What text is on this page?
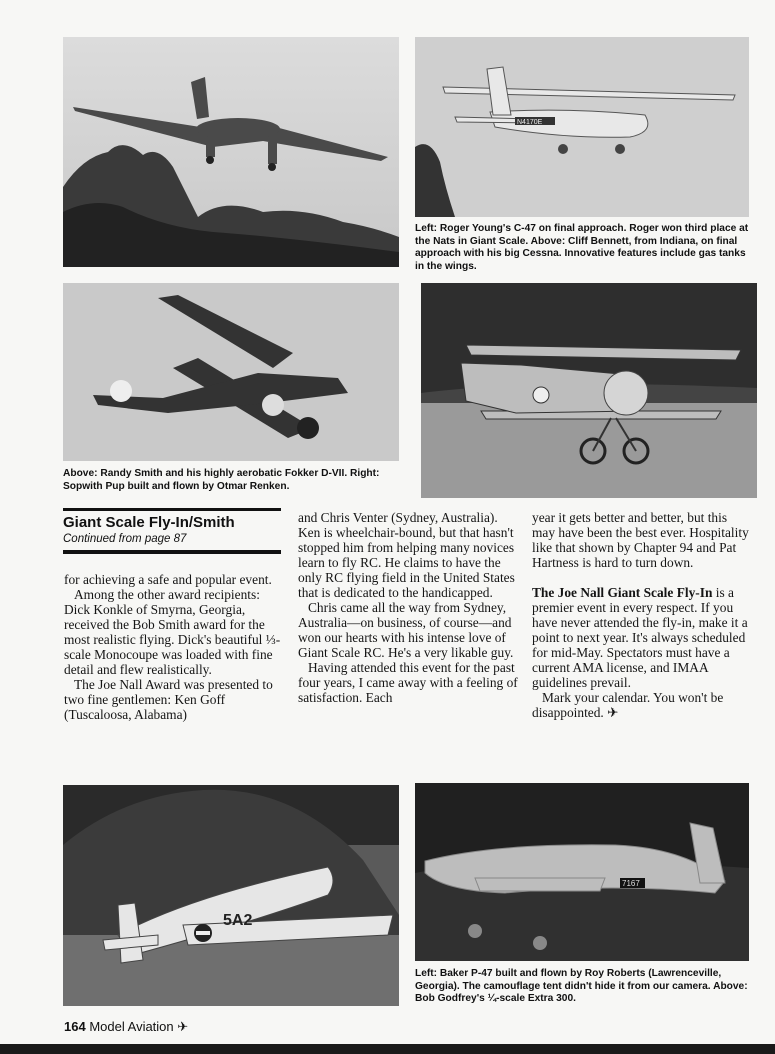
N4170E
Left: Roger Young's C-47 on final approach. Roger won third place at the Nats in Giant Scale. Above: Cliff Bennett, from Indiana, on final approach with his big Cessna. Innovative features include gas tanks in the wings.
Above: Randy Smith and his highly aerobatic Fokker D-VII. Right: Sopwith Pup built and flown by Otmar Renken.
Giant Scale Fly-In/Smith
Continued from page 87

for achieving a safe and popular event.

Among the other award recipients: Dick Konkle of Smyrna, Georgia, received the Bob Smith award for the most realistic flying. Dick's beautiful ⅓-scale Monocoupe was loaded with fine detail and flew realistically.

The Joe Nall Award was presented to two fine gentlemen: Ken Goff (Tuscaloosa, Alabama)

and Chris Venter (Sydney, Australia). Ken is wheelchair-bound, but that hasn't stopped him from helping many novices learn to fly RC. He claims to have the only RC flying field in the United States that is dedicated to the handicapped.

Chris came all the way from Sydney, Australia—on business, of course—and won our hearts with his intense love of Giant Scale RC. He's a very likable guy.

Having attended this event for the past four years, I came away with a feeling of satisfaction. Each

year it gets better and better, but this may have been the best ever. Hospitality like that shown by Chapter 94 and Pat Hartness is hard to turn down.

The Joe Nall Giant Scale Fly-In is a premier event in every respect. If you have never attended the fly-in, make it a point to next year. It's always scheduled for mid-May. Spectators must have a current AMA license, and IMAA guidelines prevail.

Mark your calendar. You won't be disappointed. ✈

5A2
7167
Left: Baker P-47 built and flown by Roy Roberts (Lawrenceville, Georgia). The camouflage tent didn't hide it from our camera. Above: Bob Godfrey's ¼-scale Extra 300.
164 Model Aviation ✈
